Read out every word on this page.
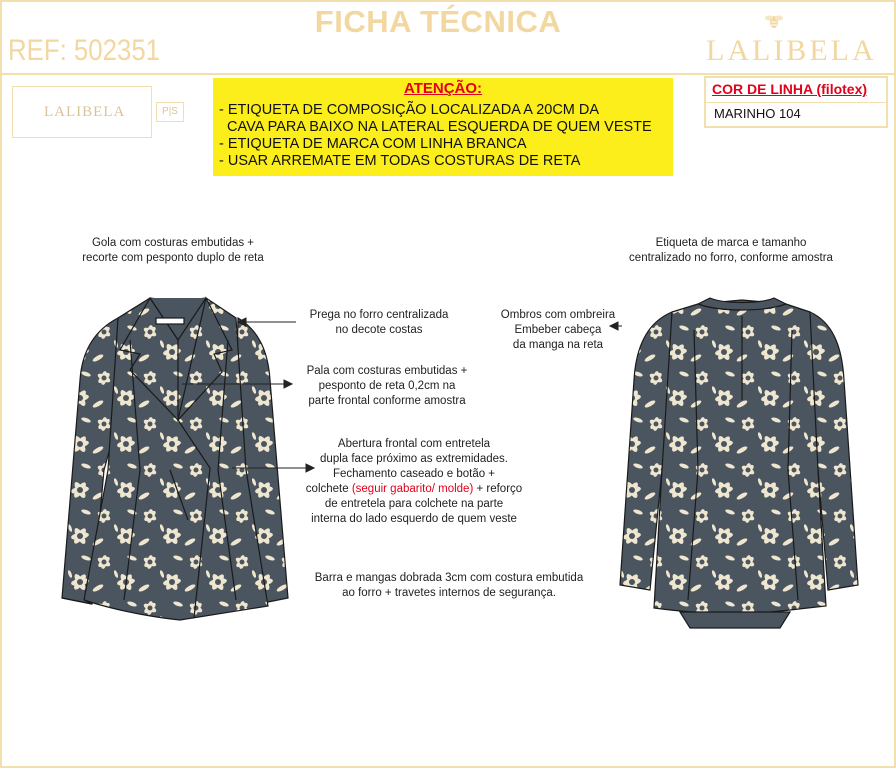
FICHA TÉCNICA
REF: 502351	LALIBELA
LALIBELA	P|S
ATENÇÃO:
- ETIQUETA DE COMPOSIÇÃO LOCALIZADA A 20CM DA
CAVA PARA BAIXO NA LATERAL ESQUERDA DE QUEM VESTE
- ETIQUETA DE MARCA COM LINHA BRANCA
- USAR ARREMATE EM TODAS COSTURAS DE RETA
COR DE LINHA (filotex)
MARINHO 104
Gola com costuras embutidas +
recorte com pesponto duplo de reta
Etiqueta de marca e tamanho
centralizado no forro, conforme amostra
Prega no forro centralizada
no decote costas
Ombros com ombreira
Embeber cabeça
da manga na reta
Pala com costuras embutidas +
pesponto de reta 0,2cm na
parte frontal conforme amostra
Abertura frontal com entretela
dupla face próximo as extremidades.
Fechamento caseado e botão +
colchete (seguir gabarito/ molde) + reforço
de entretela para colchete na parte
interna do lado esquerdo de quem veste
Barra e mangas dobrada 3cm com costura embutida
ao forro + travetes internos de segurança.
